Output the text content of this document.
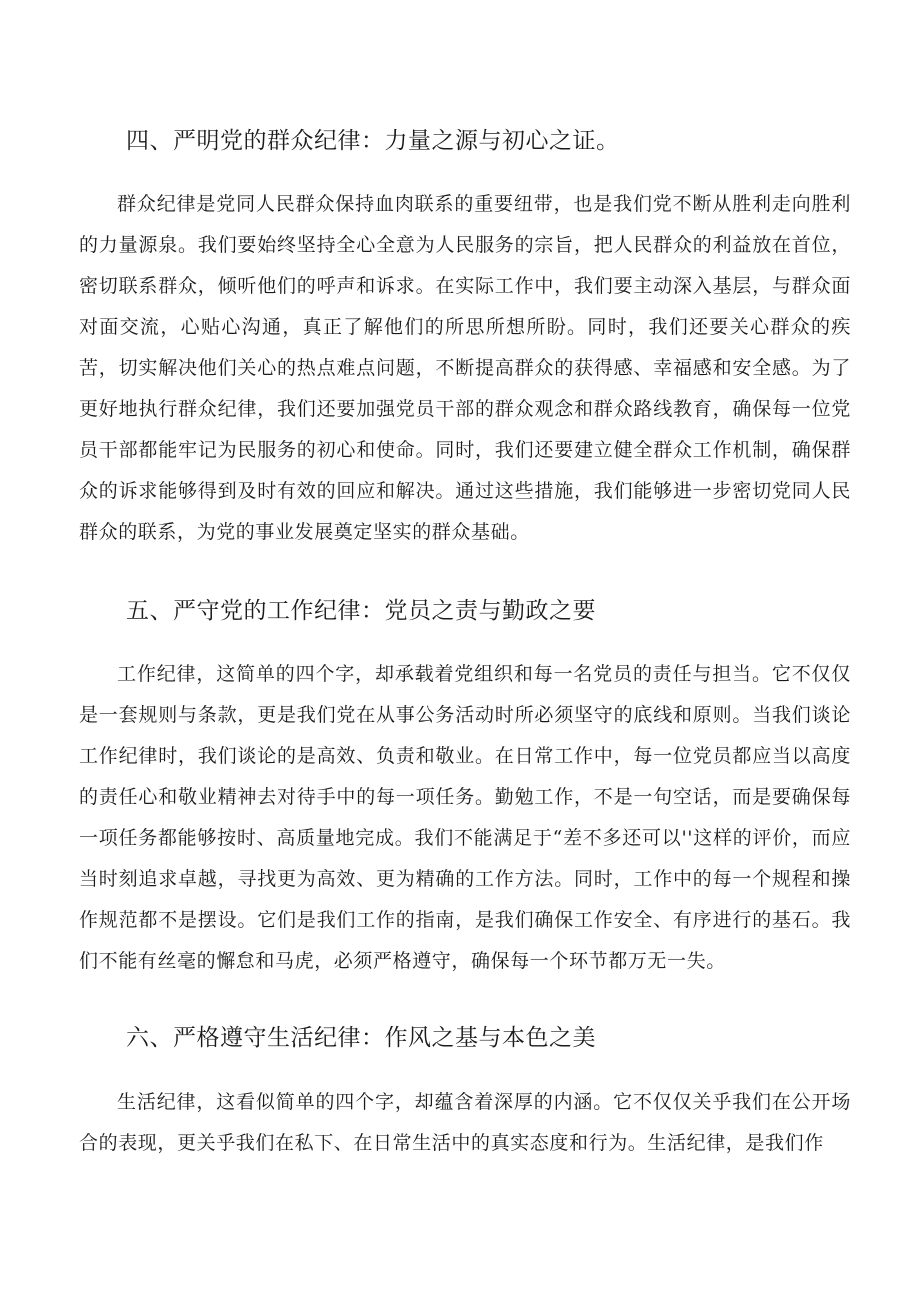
四、严明党的群众纪律：力量之源与初心之证。

群众纪律是党同人民群众保持血肉联系的重要纽带，也是我们党不断从胜利走向胜利的力量源泉。我们要始终坚持全心全意为人民服务的宗旨，把人民群众的利益放在首位，密切联系群众，倾听他们的呼声和诉求。在实际工作中，我们要主动深入基层，与群众面对面交流，心贴心沟通，真正了解他们的所思所想所盼。同时，我们还要关心群众的疾苦，切实解决他们关心的热点难点问题，不断提高群众的获得感、幸福感和安全感。为了更好地执行群众纪律，我们还要加强党员干部的群众观念和群众路线教育，确保每一位党员干部都能牢记为民服务的初心和使命。同时，我们还要建立健全群众工作机制，确保群众的诉求能够得到及时有效的回应和解决。通过这些措施，我们能够进一步密切党同人民群众的联系，为党的事业发展奠定坚实的群众基础。

五、严守党的工作纪律：党员之责与勤政之要

工作纪律，这简单的四个字，却承载着党组织和每一名党员的责任与担当。它不仅仅是一套规则与条款，更是我们党在从事公务活动时所必须坚守的底线和原则。当我们谈论工作纪律时，我们谈论的是高效、负责和敬业。在日常工作中，每一位党员都应当以高度的责任心和敬业精神去对待手中的每一项任务。勤勉工作，不是一句空话，而是要确保每一项任务都能够按时、高质量地完成。我们不能满足于“差不多还可以''这样的评价，而应当时刻追求卓越，寻找更为高效、更为精确的工作方法。同时，工作中的每一个规程和操作规范都不是摆设。它们是我们工作的指南，是我们确保工作安全、有序进行的基石。我们不能有丝毫的懈怠和马虎，必须严格遵守，确保每一个环节都万无一失。

六、严格遵守生活纪律：作风之基与本色之美

生活纪律，这看似简单的四个字，却蕴含着深厚的内涵。它不仅仅关乎我们在公开场合的表现，更关乎我们在私下、在日常生活中的真实态度和行为。生活纪律，是我们作
